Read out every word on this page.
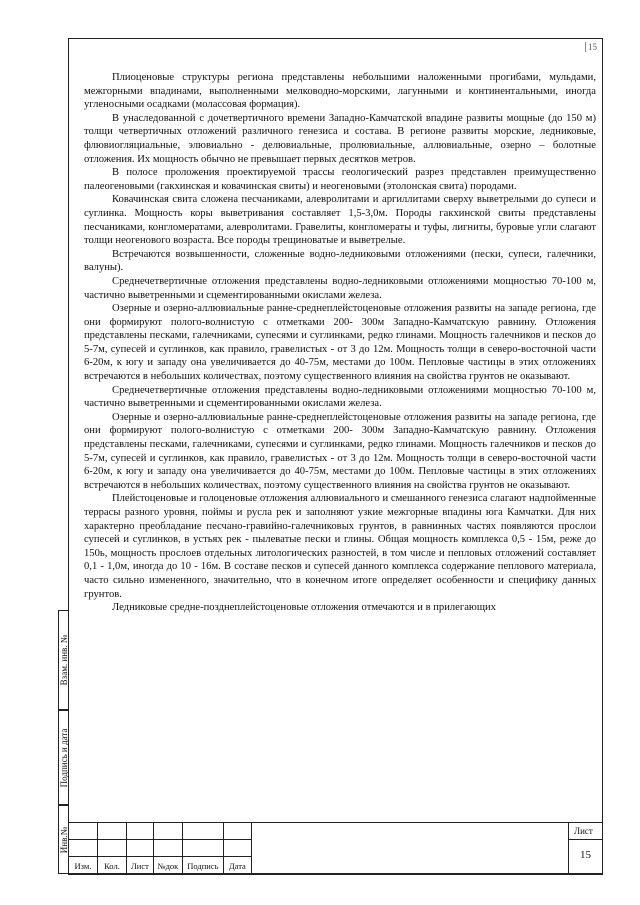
15

Плиоценовые структуры региона представлены небольшими наложенными прогибами, мульдами, межгорными впадинами, выполненными мелководно-морскими, лагунными и континентальными, иногда угленосными осадками (молассовая формация).

В унаследованной с дочетвертичного времени Западно-Камчатской впадине развиты мощные (до 150 м) толщи четвертичных отложений различного генезиса и состава. В регионе развиты морские, ледниковые, флювиогляциальные, элювиально - делювиальные, пролювиальные, аллювиальные, озерно – болотные отложения. Их мощность обычно не превышает первых десятков метров.

В полосе проложения проектируемой трассы геологический разрез представлен преимущественно палеогеновыми (гакхинская и ковачинская свиты) и неогеновыми (этолонская свита) породами.

Ковачинская свита сложена песчаниками, алевролитами и аргиллитами сверху выветрелыми до супеси и суглинка. Мощность коры выветривания составляет 1,5-3,0м. Породы гакхинской свиты представлены песчаниками, конгломератами, алевролитами. Гравелиты, конгломераты и туфы, лигниты, буровые угли слагают толщи неогенового возраста. Все породы трещиноватые и выветрелые.

Встречаются возвышенности, сложенные водно-ледниковыми отложениями (пески, супеси, галечники, валуны).

Среднечетвертичные отложения представлены водно-ледниковыми отложениями мощностью 70-100 м, частично выветренными и сцементированными окислами железа.

Озерные и озерно-аллювиальные ранне-среднеплейстоценовые отложения развиты на западе региона, где они формируют полого-волнистую с отметками 200- 300м Западно-Камчатскую равнину. Отложения представлены песками, галечниками, супесями и суглинками, редко глинами. Мощность галечников и песков до 5-7м, супесей и суглинков, как правило, гравелистых - от 3 до 12м. Мощность толщи в северо-восточной части 6-20м, к югу и западу она увеличивается до 40-75м, местами до 100м. Пепловые частицы в этих отложениях встречаются в небольших количествах, поэтому существенного влияния на свойства грунтов не оказывают.

Среднечетвертичные отложения представлены водно-ледниковыми отложениями мощностью 70-100 м, частично выветренными и сцементированными окислами железа.

Озерные и озерно-аллювиальные ранне-среднеплейстоценовые отложения развиты на западе региона, где они формируют полого-волнистую с отметками 200- 300м Западно-Камчатскую равнину. Отложения представлены песками, галечниками, супесями и суглинками, редко глинами. Мощность галечников и песков до 5-7м, супесей и суглинков, как правило, гравелистых - от 3 до 12м. Мощность толщи в северо-восточной части 6-20м, к югу и западу она увеличивается до 40-75м, местами до 100м. Пепловые частицы в этих отложениях встречаются в небольших количествах, поэтому существенного влияния на свойства грунтов не оказывают.

Плейстоценовые и голоценовые отложения аллювиального и смешанного генезиса слагают надпойменные террасы разного уровня, поймы и русла рек и заполняют узкие межгорные впадины юга Камчатки. Для них характерно преобладание песчано-гравийно-галечниковых грунтов, в равнинных частях появляются прослои супесей и суглинков, в устьях рек - пылеватые пески и глины. Общая мощность комплекса 0,5 - 15м, реже до 150ь, мощность прослоев отдельных литологических разностей, в том числе и пепловых отложений составляет 0,1 - 1,0м, иногда до 10 - 16м. В составе песков и супесей данного комплекса содержание пеплового материала, часто сильно измененного, значительно, что в конечном итоге определяет особенности и специфику данных грунтов.

Ледниковые средне-позднеплейстоценовые отложения отмечаются и в прилегающих

Взам. инв. №
Подпись и дата
Инв.№

Изм.	Кол.	Лист	№док	Подпись	Дата		
Лист
15
